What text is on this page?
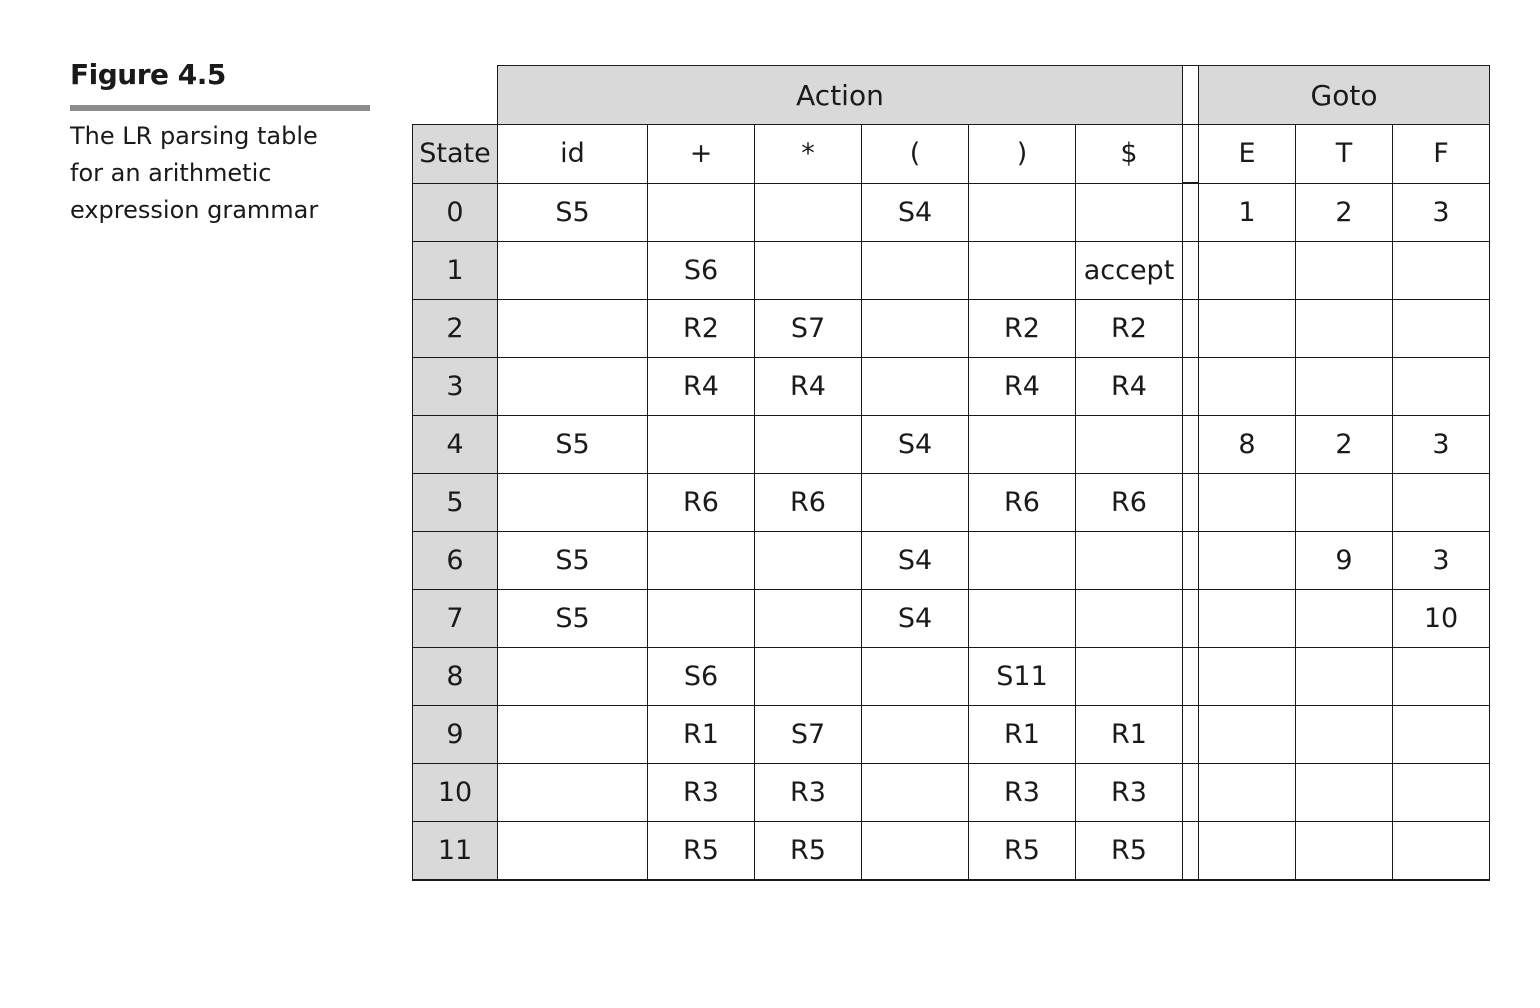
Figure 4.5
The LR parsing table
for an arithmetic
expression grammar
	Action							Goto		
State	id	+	*	(	)	$		E	T	F
0	S5			S4				1	2	3
1		S6				accept				
2		R2	S7		R2	R2				
3		R4	R4		R4	R4				
4	S5			S4				8	2	3
5		R6	R6		R6	R6				
6	S5			S4					9	3
7	S5			S4						10
8		S6			S11					
9		R1	S7		R1	R1				
10		R3	R3		R3	R3				
11		R5	R5		R5	R5				
